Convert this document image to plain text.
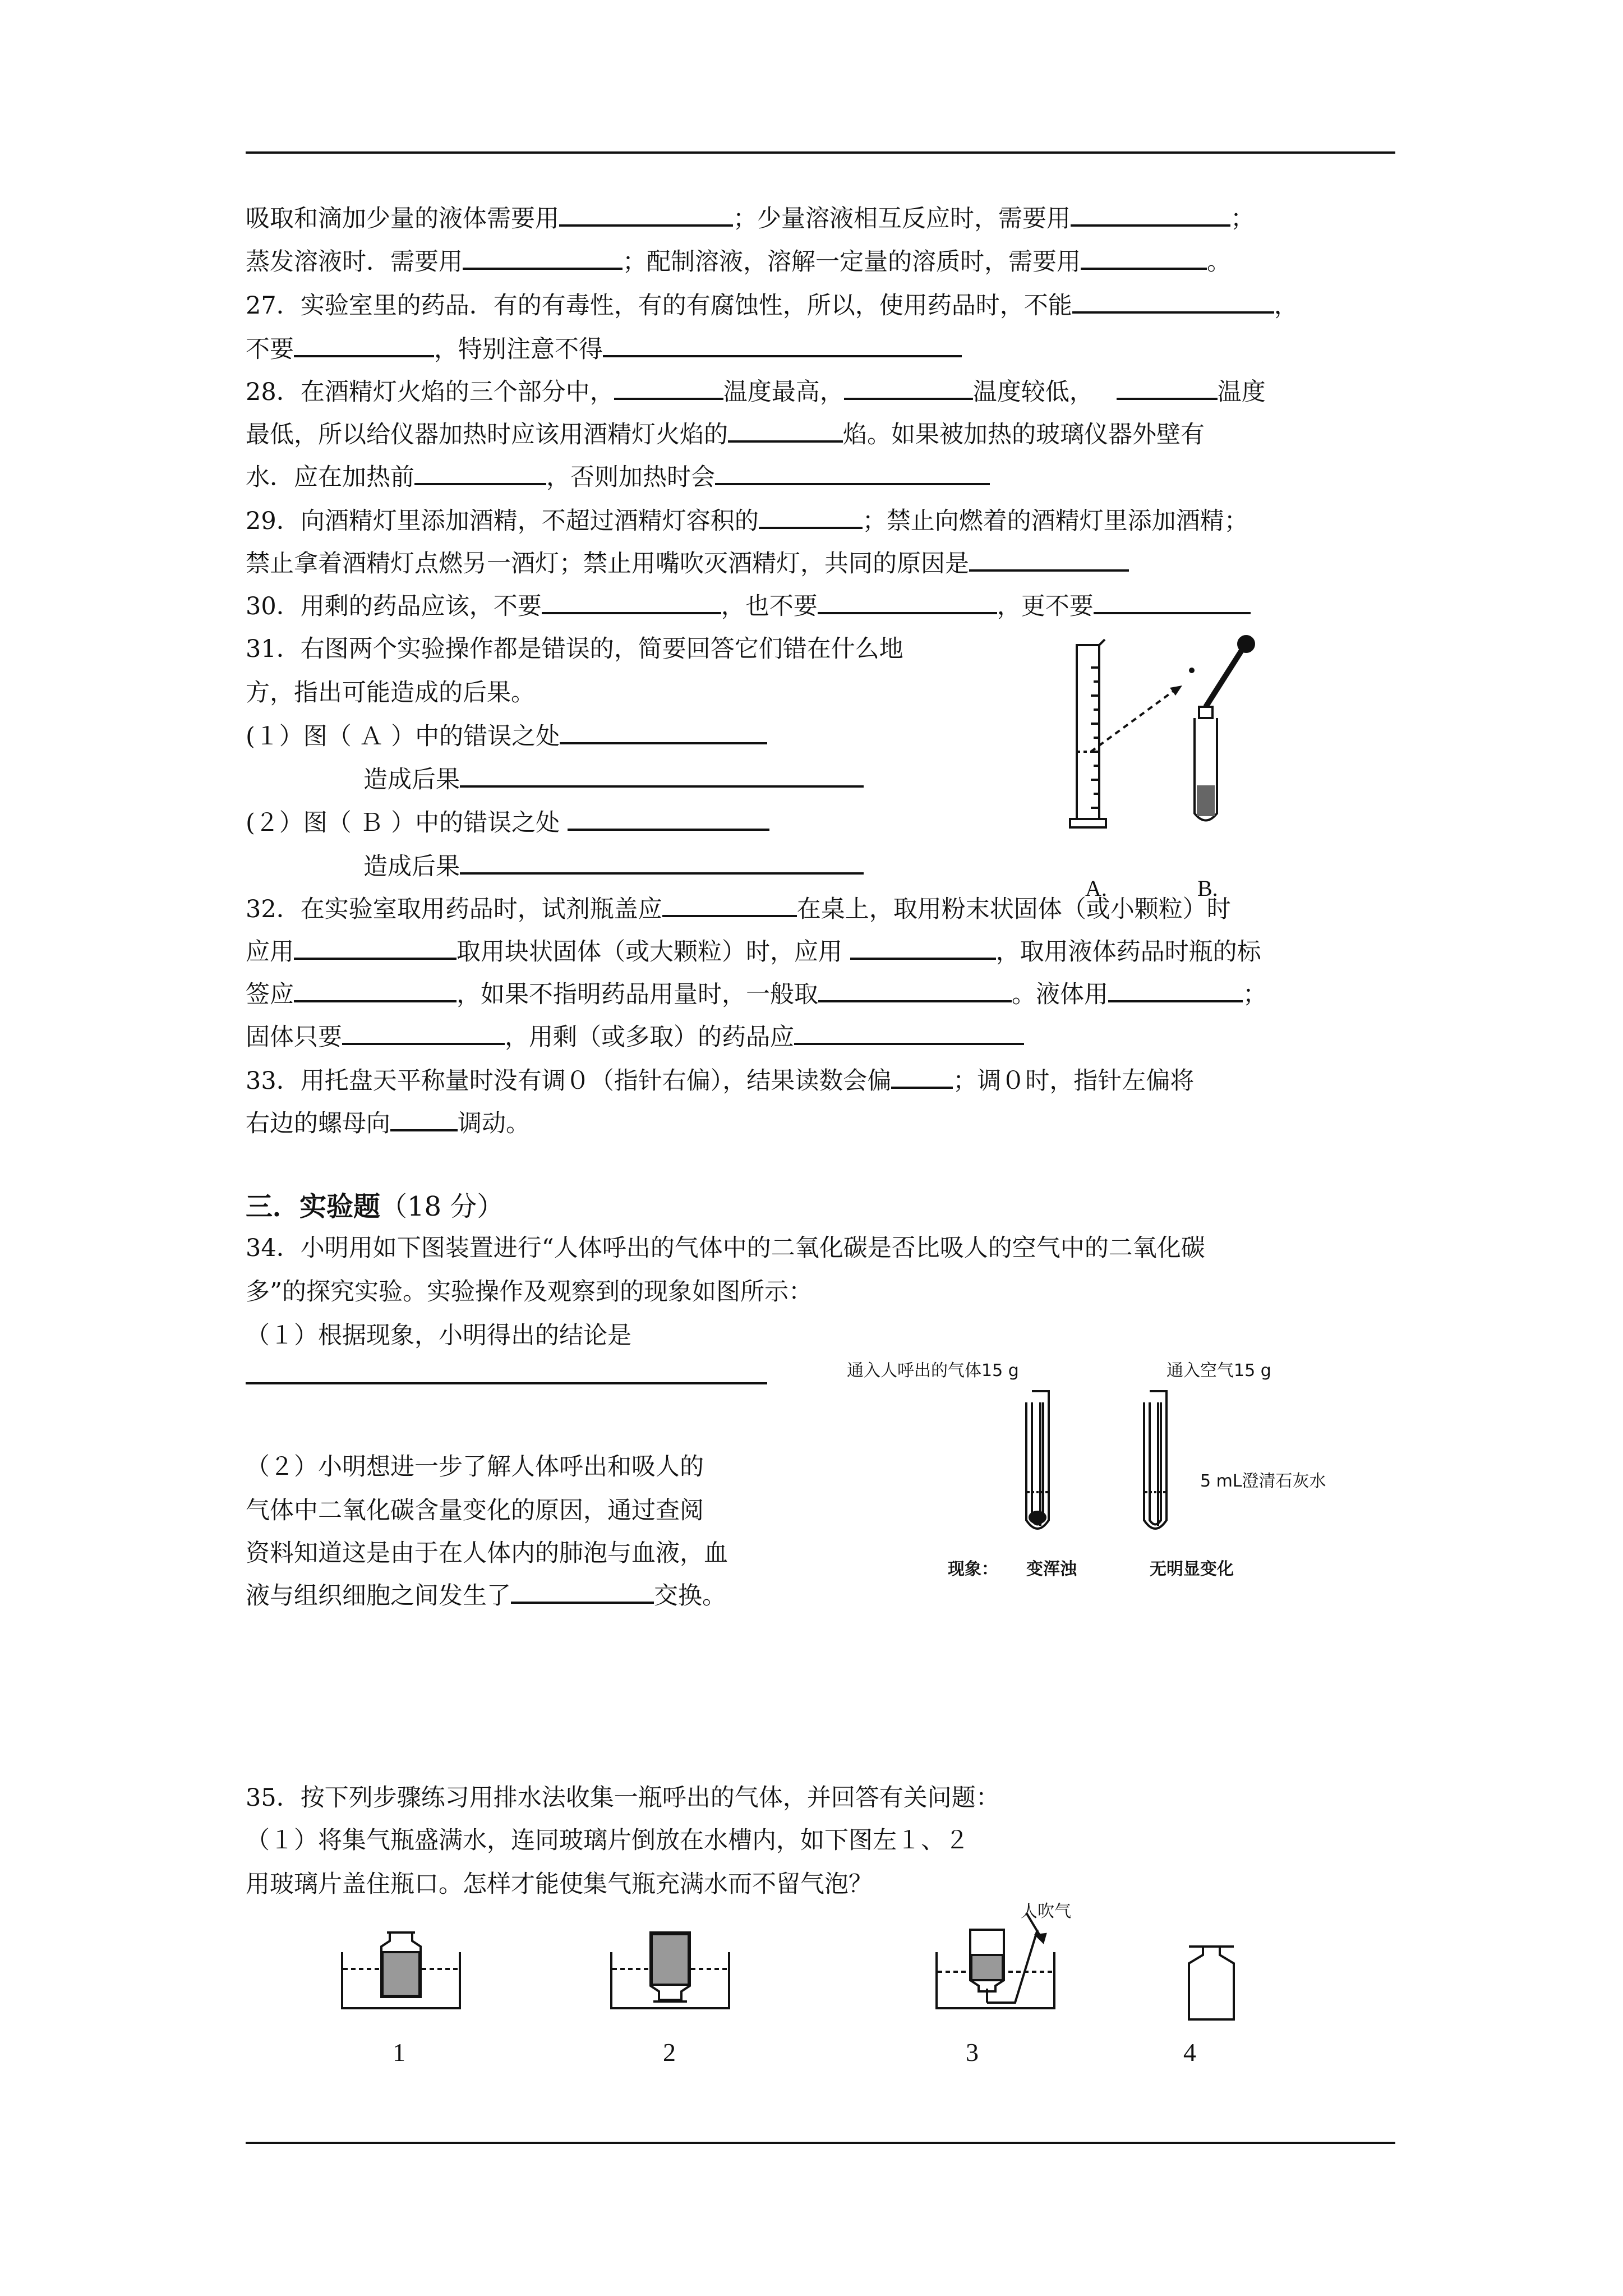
吸取和滴加少量的液体需要用	；少量溶液相互反应时，需要用	；
蒸发溶液时．需要用	；配制溶液，溶解一定量的溶质时，需要用	。
27．实验室里的药品．有的有毒性，有的有腐蚀性，所以，使用药品时，不能	，
不要	，特别注意不得
28．在酒精灯火焰的三个部分中，	温度最高，	温度较低，	温度
最低，所以给仪器加热时应该用酒精灯火焰的	焰。如果被加热的玻璃仪器外壁有
水．应在加热前	，否则加热时会
29．向酒精灯里添加酒精，不超过酒精灯容积的	；禁止向燃着的酒精灯里添加酒精；
禁止拿着酒精灯点燃另一酒灯；禁止用嘴吹灭酒精灯，共同的原因是
30．用剩的药品应该，不要	，也不要	，更不要
31．右图两个实验操作都是错误的，简要回答它们错在什么地
方，指出可能造成的后果。
(１）图（ Ａ ）中的错误之处
造成后果
(２）图（ Ｂ ）中的错误之处
造成后果
A.	B.
32．在实验室取用药品时，试剂瓶盖应	在桌上，取用粉末状固体（或小颗粒）时
应用	取用块状固体（或大颗粒）时，应用	，取用液体药品时瓶的标
签应	，如果不指明药品用量时，一般取	。液体用	；
固体只要	，用剩（或多取）的药品应
33．用托盘天平称量时没有调０（指针右偏），结果读数会偏	；调０时，指针左偏将
右边的螺母向	调动。
三．实验题（18 分）
34．小明用如下图装置进行“人体呼出的气体中的二氧化碳是否比吸人的空气中的二氧化碳
多”的探究实验。实验操作及观察到的现象如图所示：
（１）根据现象，小明得出的结论是
（２）小明想进一步了解人体呼出和吸人的
气体中二氧化碳含量变化的原因，通过查阅
资料知道这是由于在人体内的肺泡与血液，血
液与组织细胞之间发生了	交换。
通入人呼出的气体15 g	通入空气15 g
5 mL澄清石灰水
现象： 变浑浊	无明显变化
35．按下列步骤练习用排水法收集一瓶呼出的气体，并回答有关问题：
（１）将集气瓶盛满水，连同玻璃片倒放在水槽内，如下图左１、２
用玻璃片盖住瓶口。怎样才能使集气瓶充满水而不留气泡？
人吹气
1	2	3	4
